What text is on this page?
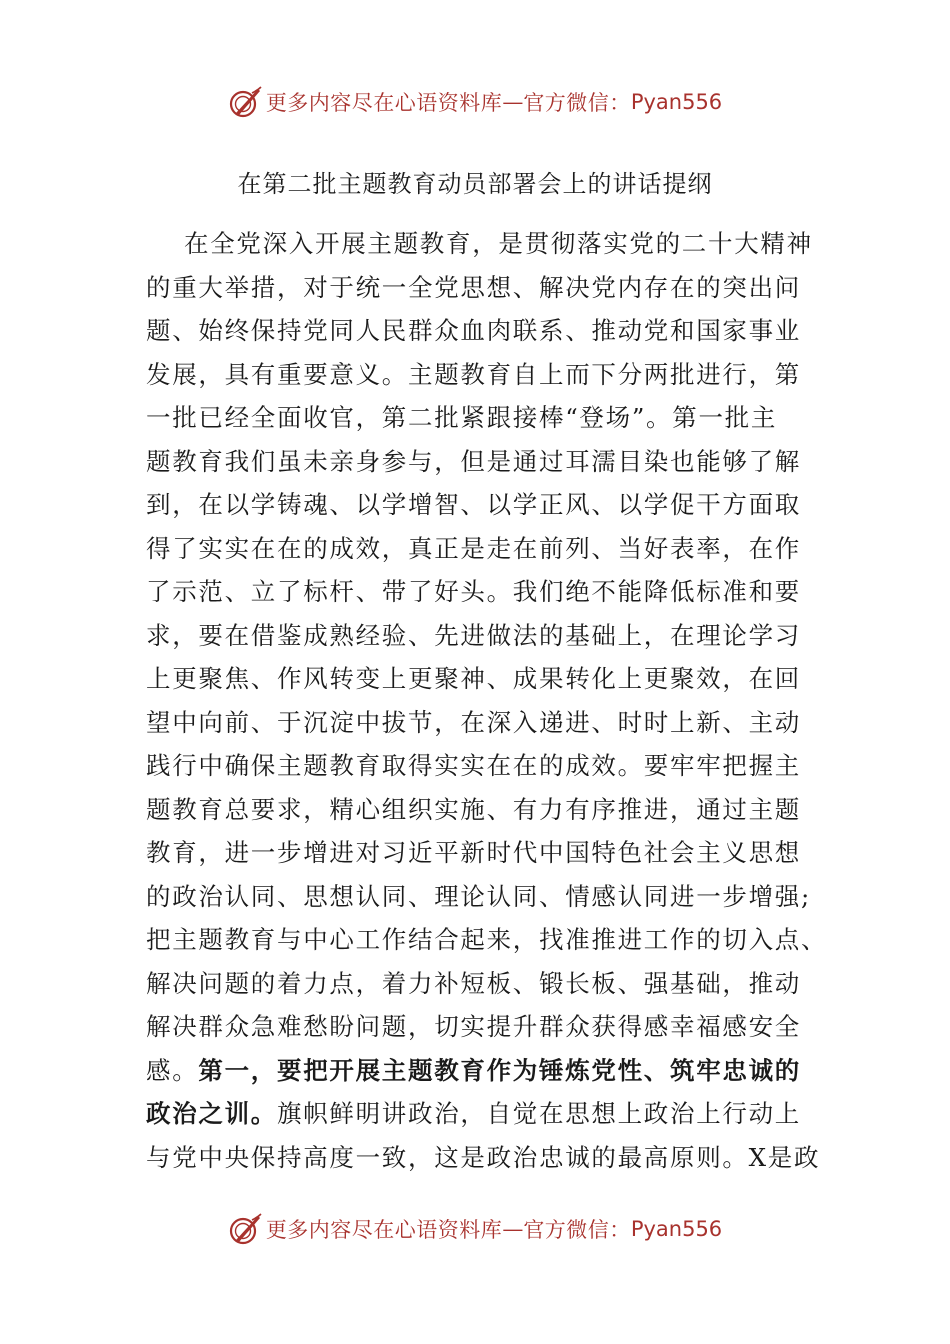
更多内容尽在心语资料库 — 官方微信： Pyan556
在第二批主题教育动员部署会上的讲话提纲
在全党深入开展主题教育，是贯彻落实党的二十大精神
的重大举措，对于统一全党思想、解决党内存在的突出问
题、始终保持党同人民群众血肉联系、推动党和国家事业
发展，具有重要意义。主题教育自上而下分两批进行，第
一批已经全面收官，第二批紧跟接棒“登场”。第一批主
题教育我们虽未亲身参与，但是通过耳濡目染也能够了解
到，在以学铸魂、以学增智、以学正风、以学促干方面取
得了实实在在的成效，真正是走在前列、当好表率，在作
了示范、立了标杆、带了好头。我们绝不能降低标准和要
求，要在借鉴成熟经验、先进做法的基础上，在理论学习
上更聚焦、作风转变上更聚神、成果转化上更聚效，在回
望中向前、于沉淀中拔节，在深入递进、时时上新、主动
践行中确保主题教育取得实实在在的成效。要牢牢把握主
题教育总要求，精心组织实施、有力有序推进，通过主题
教育，进一步增进对习近平新时代中国特色社会主义思想
的政治认同、思想认同、理论认同、情感认同进一步增强;
把主题教育与中心工作结合起来，找准推进工作的切入点、
解决问题的着力点，着力补短板、锻长板、强基础，推动
解决群众急难愁盼问题，切实提升群众获得感幸福感安全
感。第一，要把开展主题教育作为锤炼党性、筑牢忠诚的
政治之训。旗帜鲜明讲政治，自觉在思想上政治上行动上
与党中央保持高度一致，这是政治忠诚的最高原则。X是政
更多内容尽在心语资料库 — 官方微信： Pyan556
